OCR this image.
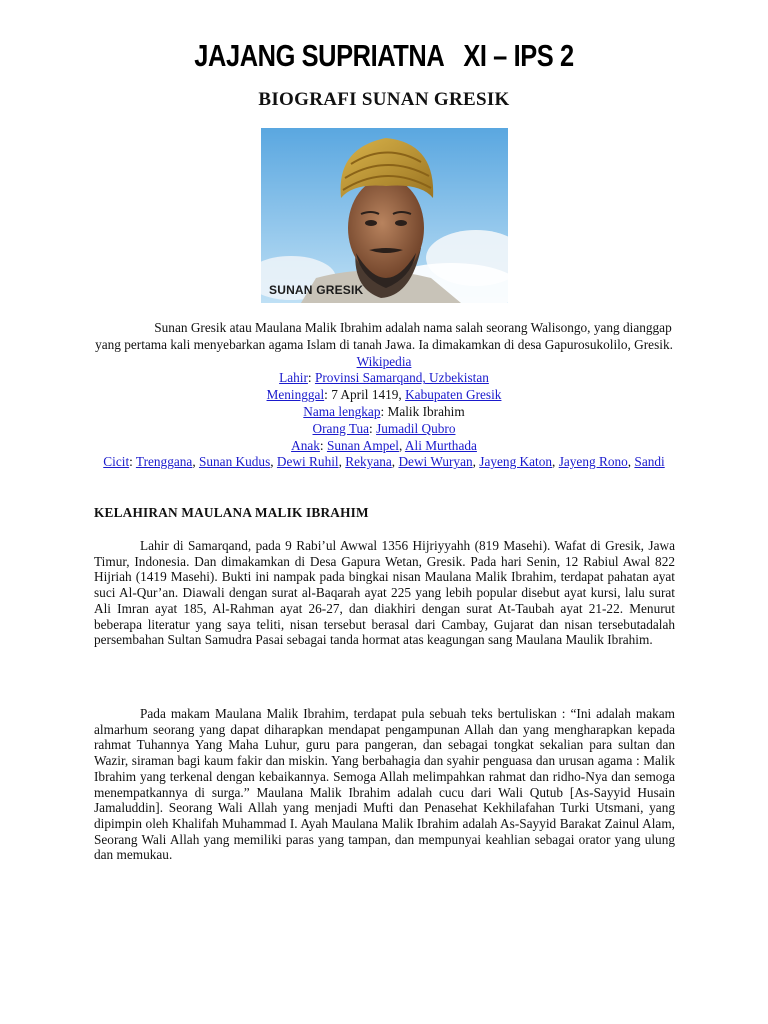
JAJANG SUPRIATNA   XI – IPS 2
BIOGRAFI SUNAN GRESIK
SUNAN GRESIK

Sunan Gresik atau Maulana Malik Ibrahim adalah nama salah seorang Walisongo, yang dianggap yang pertama kali menyebarkan agama Islam di tanah Jawa. Ia dimakamkan di desa Gapurosukolilo, Gresik. Wikipedia

Lahir: Provinsi Samarqand, Uzbekistan

Meninggal: 7 April 1419, Kabupaten Gresik

Nama lengkap: Malik Ibrahim

Orang Tua: Jumadil Qubro

Anak: Sunan Ampel, Ali Murthada

Cicit: Trenggana, Sunan Kudus, Dewi Ruhil, Rekyana, Dewi Wuryan, Jayeng Katon, Jayeng Rono, Sandi

KELAHIRAN MAULANA MALIK IBRAHIM

Lahir di Samarqand, pada 9 Rabi’ul Awwal 1356 Hijriyyahh (819 Masehi). Wafat di Gresik, Jawa Timur, Indonesia. Dan dimakamkan di Desa Gapura Wetan, Gresik. Pada hari Senin, 12 Rabiul Awal 822 Hijriah (1419 Masehi). Bukti ini nampak pada bingkai nisan Maulana Malik Ibrahim, terdapat pahatan ayat suci Al-Qur’an. Diawali dengan surat al-Baqarah ayat 225 yang lebih popular disebut ayat kursi, lalu surat Ali Imran ayat 185, Al-Rahman ayat 26-27, dan diakhiri dengan surat At-Taubah ayat 21-22. Menurut beberapa literatur yang saya teliti, nisan tersebut berasal dari Cambay, Gujarat dan nisan tersebutadalah persembahan Sultan Samudra Pasai sebagai tanda hormat atas keagungan sang Maulana Maulik Ibrahim.

Pada makam Maulana Malik Ibrahim, terdapat pula sebuah teks bertuliskan : “Ini adalah makam almarhum seorang yang dapat diharapkan mendapat pengampunan Allah dan yang mengharapkan kepada rahmat Tuhannya Yang Maha Luhur, guru para pangeran, dan sebagai tongkat sekalian para sultan dan Wazir, siraman bagi kaum fakir dan miskin. Yang berbahagia dan syahir penguasa dan urusan agama : Malik Ibrahim yang terkenal dengan kebaikannya. Semoga Allah melimpahkan rahmat dan ridho-Nya dan semoga menempatkannya di surga.” Maulana Malik Ibrahim adalah cucu dari Wali Qutub [As-Sayyid Husain Jamaluddin]. Seorang Wali Allah yang menjadi Mufti dan Penasehat Kekhilafahan Turki Utsmani, yang dipimpin oleh Khalifah Muhammad I. Ayah Maulana Malik Ibrahim adalah As-Sayyid Barakat Zainul Alam, Seorang Wali Allah yang memiliki paras yang tampan, dan mempunyai keahlian sebagai orator yang ulung dan memukau.
